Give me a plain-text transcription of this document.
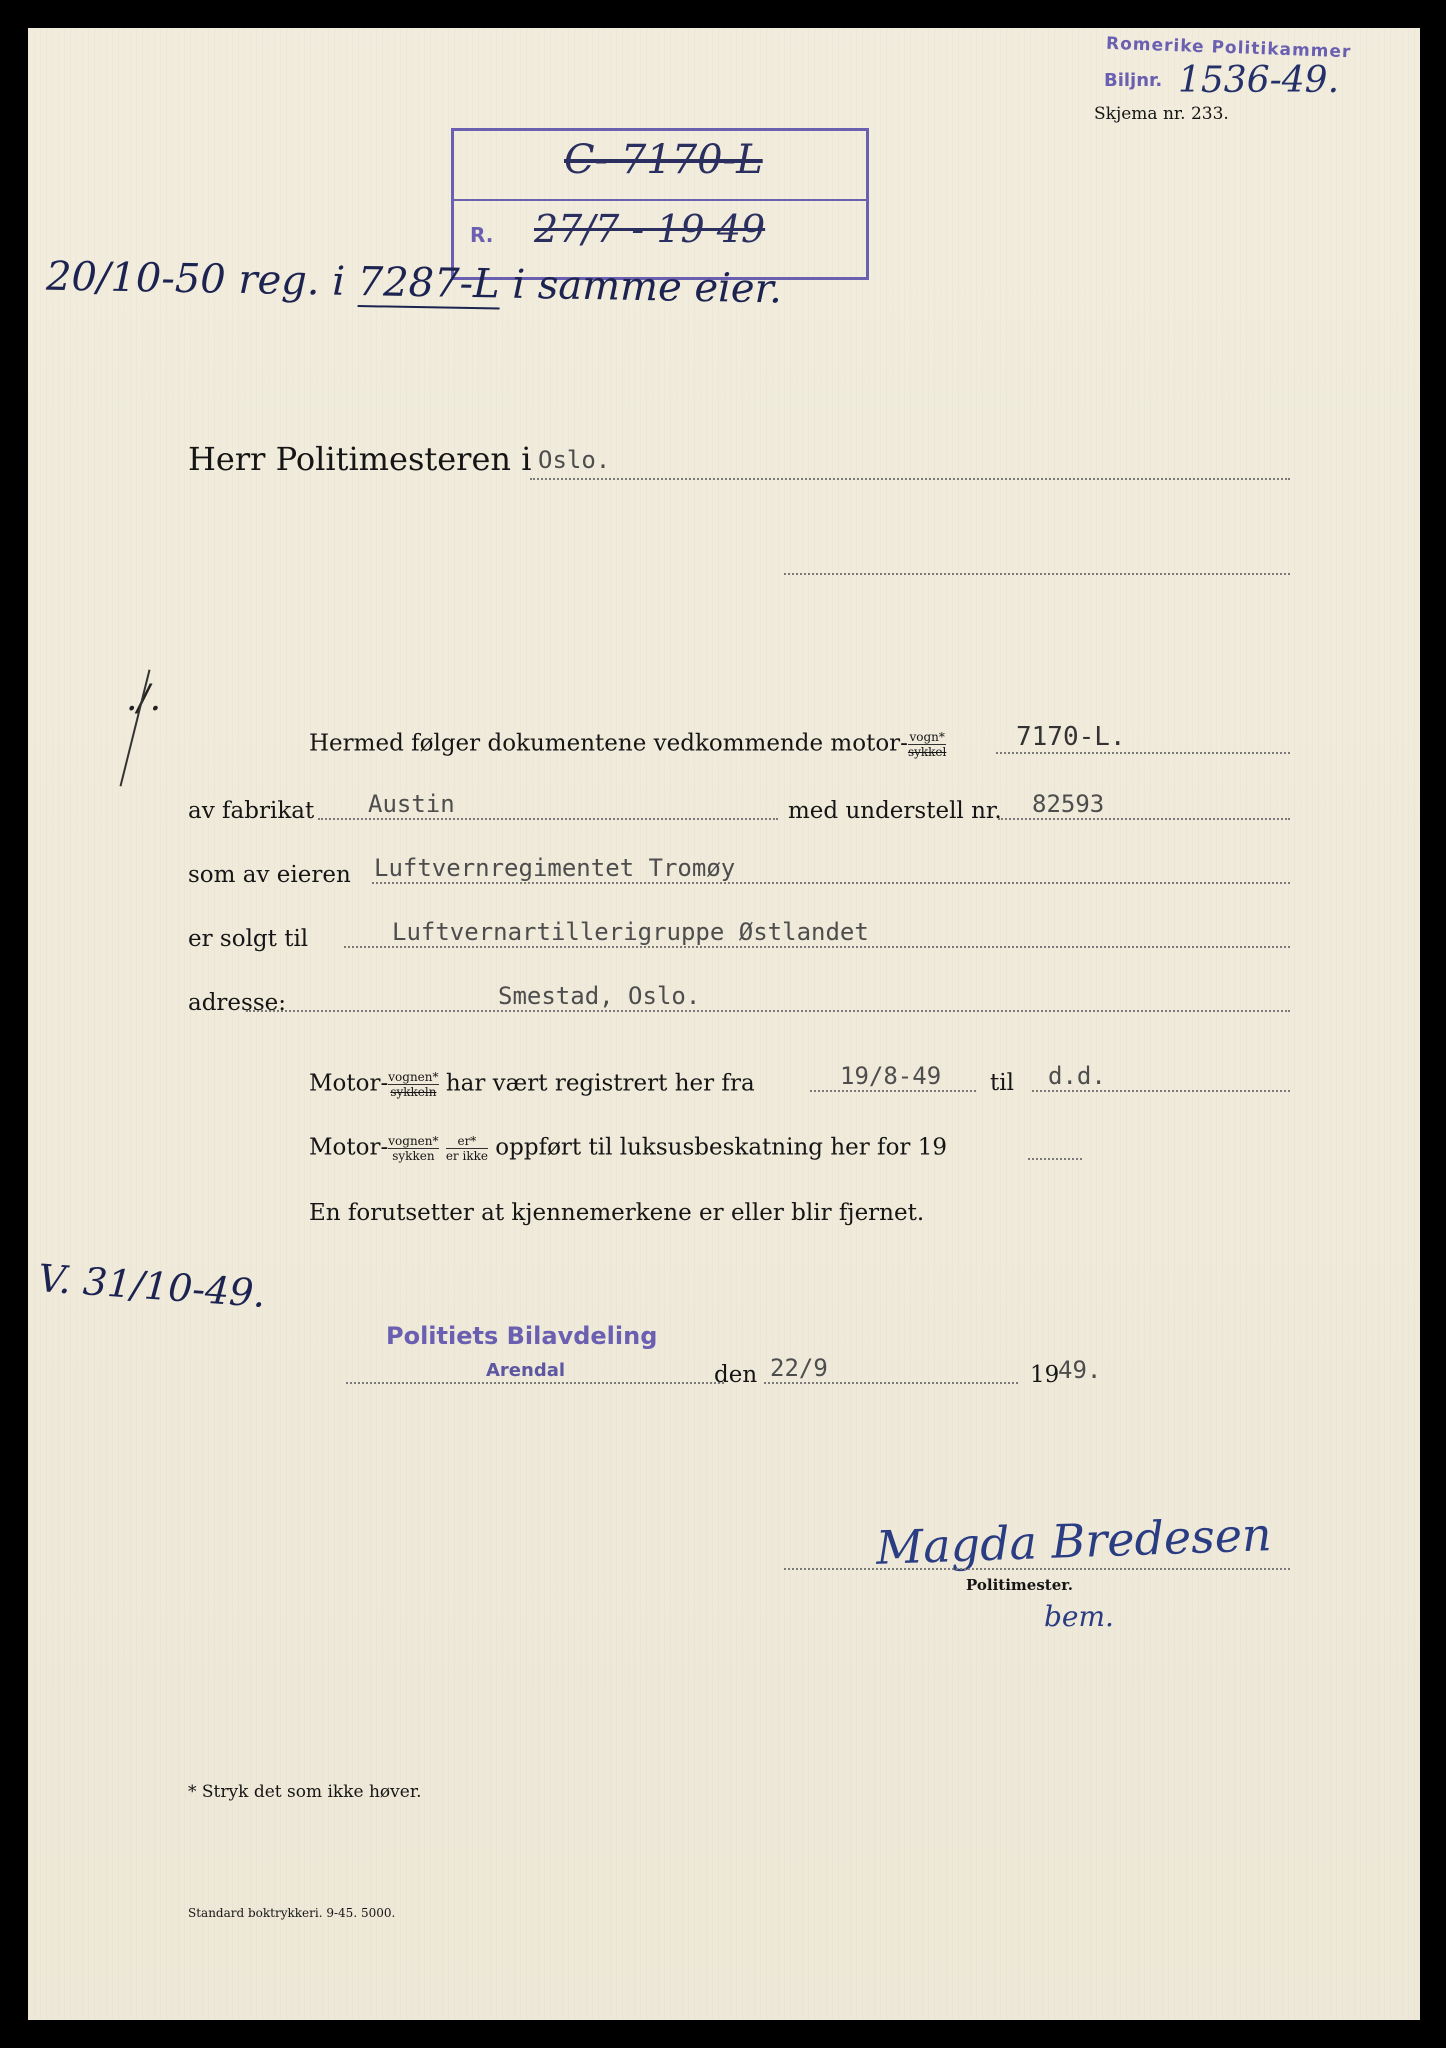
Romerike Politikammer
Biljnr. 1536-49.
Skjema nr. 233.
C- 7170-L
R. 27/7 - 19 49
20/10-50 reg. i 7287-L i samme eier.
Herr Politimesteren i Oslo.
./.
Hermed følger dokumentene vedkommende motor- $\frac{\text{vogn*}}{\text{sykkel}}$	7170-L.
av fabrikat Austin	med understell nr. 82593
som av eieren Luftvernregimentet Tromøy
er solgt til	Luftvernartillerigruppe Østlandet
adresse:	Smestad, Oslo.
Motor- $\frac{\text{vognen*}}{\text{sykkeln}}$ har vært registrert her fra	19/8-49 til d.d.
Motor- $\frac{\text{vognen*}}{\text{sykken}}$
$\frac{er*}{\text{er ikke}}$ oppført til luksusbeskatning her for 19
En forutsetter at kjennemerkene er eller blir fjernet.
V. 31/10-49.
Politiets Bilavdeling
Arendal	den 22/9	19
49.
Magda Bredesen
Politimester.
bem.
* Stryk det som ikke høver.
Standard boktrykkeri. 9-45. 5000.
